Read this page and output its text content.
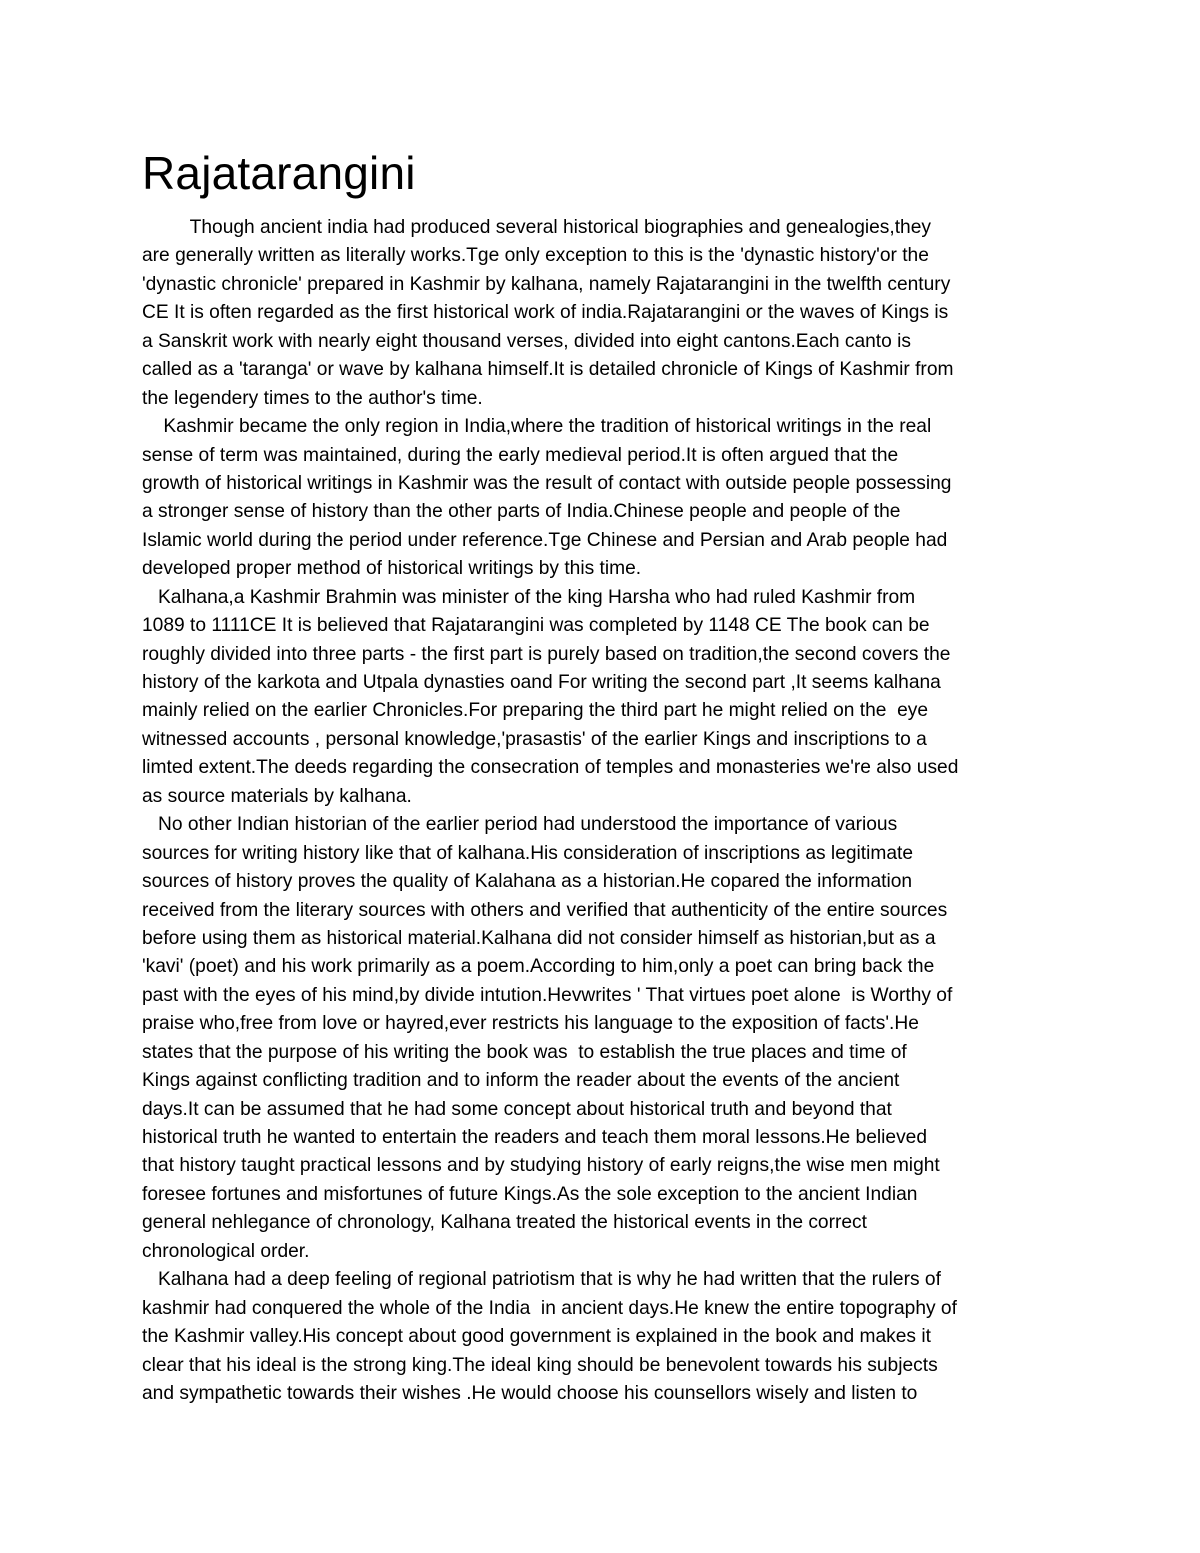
Rajatarangini
Though ancient india had produced several historical biographies and genealogies,they
are generally written as literally works.Tge only exception to this is the 'dynastic history'or the
'dynastic chronicle' prepared in Kashmir by kalhana, namely Rajatarangini in the twelfth century
CE It is often regarded as the first historical work of india.Rajatarangini or the waves of Kings is
a Sanskrit work with nearly eight thousand verses, divided into eight cantons.Each canto is
called as a 'taranga' or wave by kalhana himself.It is detailed chronicle of Kings of Kashmir from
the legendery times to the author's time.
Kashmir became the only region in India,where the tradition of historical writings in the real
sense of term was maintained, during the early medieval period.It is often argued that the
growth of historical writings in Kashmir was the result of contact with outside people possessing
a stronger sense of history than the other parts of India.Chinese people and people of the
Islamic world during the period under reference.Tge Chinese and Persian and Arab people had
developed proper method of historical writings by this time.
Kalhana,a Kashmir Brahmin was minister of the king Harsha who had ruled Kashmir from
1089 to 1111CE It is believed that Rajatarangini was completed by 1148 CE The book can be
roughly divided into three parts - the first part is purely based on tradition,the second covers the
history of the karkota and Utpala dynasties oand For writing the second part ,It seems kalhana
mainly relied on the earlier Chronicles.For preparing the third part he might relied on the  eye
witnessed accounts , personal knowledge,'prasastis' of the earlier Kings and inscriptions to a
limted extent.The deeds regarding the consecration of temples and monasteries we're also used
as source materials by kalhana.
No other Indian historian of the earlier period had understood the importance of various
sources for writing history like that of kalhana.His consideration of inscriptions as legitimate
sources of history proves the quality of Kalahana as a historian.He copared the information
received from the literary sources with others and verified that authenticity of the entire sources
before using them as historical material.Kalhana did not consider himself as historian,but as a
'kavi' (poet) and his work primarily as a poem.According to him,only a poet can bring back the
past with the eyes of his mind,by divide intution.Hevwrites ' That virtues poet alone  is Worthy of
praise who,free from love or hayred,ever restricts his language to the exposition of facts'.He
states that the purpose of his writing the book was  to establish the true places and time of
Kings against conflicting tradition and to inform the reader about the events of the ancient
days.It can be assumed that he had some concept about historical truth and beyond that
historical truth he wanted to entertain the readers and teach them moral lessons.He believed
that history taught practical lessons and by studying history of early reigns,the wise men might
foresee fortunes and misfortunes of future Kings.As the sole exception to the ancient Indian
general nehlegance of chronology, Kalhana treated the historical events in the correct
chronological order.
Kalhana had a deep feeling of regional patriotism that is why he had written that the rulers of
kashmir had conquered the whole of the India  in ancient days.He knew the entire topography of
the Kashmir valley.His concept about good government is explained in the book and makes it
clear that his ideal is the strong king.The ideal king should be benevolent towards his subjects
and sympathetic towards their wishes .He would choose his counsellors wisely and listen to
